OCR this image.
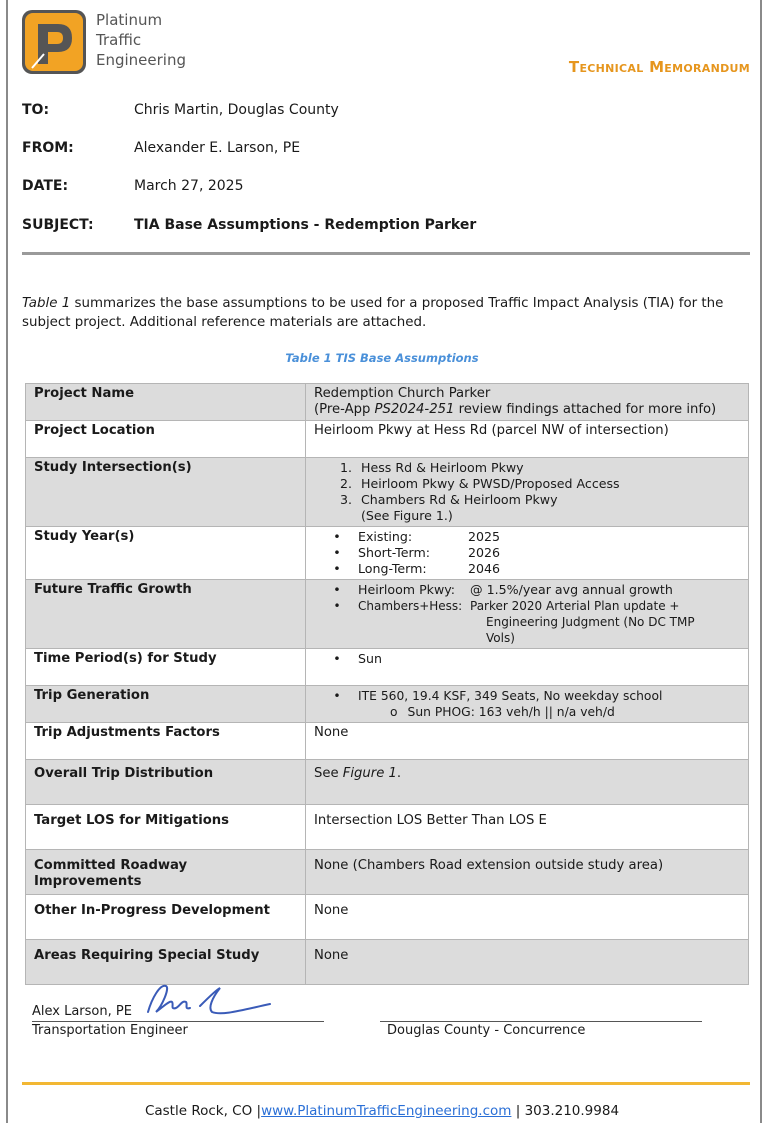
Platinum
Traffic
Engineering	Technical Memorandum
TO:	Chris Martin, Douglas County
FROM:	Alexander E. Larson, PE
DATE:	March 27, 2025
SUBJECT:	TIA Base Assumptions - Redemption Parker
Table 1 summarizes the base assumptions to be used for a proposed Traffic Impact Analysis (TIA) for the subject project. Additional reference materials are attached.
Table 1 TIS Base Assumptions
Project Name	Redemption Church Parker
(Pre-App PS2024-251 review findings attached for more info)

Project Location	Heirloom Pkwy at Hess Rd (parcel NW of intersection)
Study Intersection(s)	1. Hess Rd & Heirloom Pkwy
2. Heirloom Pkwy & PWSD/Proposed Access
3. Chambers Rd & Heirloom Pkwy
(See Figure 1.)

Study Year(s)	• Existing: 2025
• Short-Term: 2026
• Long-Term: 2046

Future Traffic Growth	• Heirloom Pkwy: @ 1.5%/year avg annual growth
• Chambers+Hess: Parker 2020 Arterial Plan update +
Engineering Judgment (No DC TMP
Vols)

Time Period(s) for Study	• Sun
Trip Generation	• ITE 560, 19.4 KSF, 349 Seats, No weekday school
o Sun PHOG: 163 veh/h || n/a veh/d

Trip Adjustments Factors	None
Overall Trip Distribution	See Figure 1.
Target LOS for Mitigations	Intersection LOS Better Than LOS E
Committed Roadway Improvements	None (Chambers Road extension outside study area)
Other In-Progress Development	None
Areas Requiring Special Study	None
Alex Larson, PE
Transportation Engineer	Douglas County - Concurrence
Castle Rock, CO |www.PlatinumTrafficEngineering.com | 303.210.9984
